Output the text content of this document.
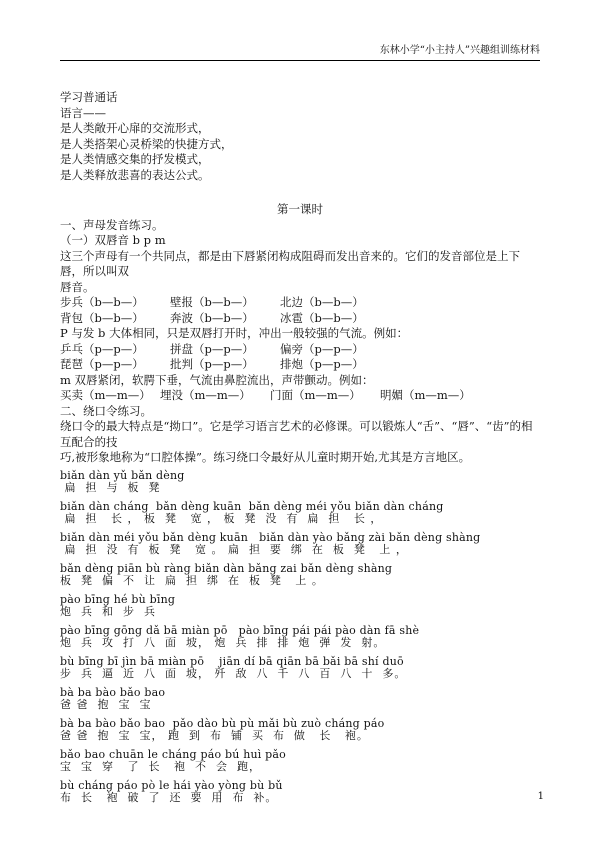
东林小学“小主持人”兴趣组训练材料
学习普通话
语言——
是人类敞开心扉的交流形式，
是人类搭架心灵桥梁的快捷方式，
是人类情感交集的抒发模式，
是人类释放悲喜的表达公式。
第一课时
一、声母发音练习。
（一）双唇音 b p m
这三个声母有一个共同点，都是由下唇紧闭构成阻碍而发出音来的。它们的发音部位是上下唇，所以叫双
唇音。
步兵（b—b—）	壁报（b—b—）	北边（b—b—）
背包（b—b—）	奔波（b—b—）	冰雹（b—b—）
P 与发 b 大体相同，只是双唇打开时，冲出一般较强的气流。例如：
乒乓（p—p—）	拼盘（p—p—）	偏旁（p—p—）
琵琶（p—p—）	批判（p—p—）	排炮（p—p—）
m 双唇紧闭，软腭下垂，气流由鼻腔流出，声带颤动。例如：
买卖（m—m—） 埋没（m—m—）	门面（m—m—）	明媚（m—m—）
二、绕口令练习。
绕口令的最大特点是“拗口”。它是学习语言艺术的必修课。可以锻炼人“舌”、“唇”、“齿”的相互配合的技
巧,被形象地称为“口腔体操”。练习绕口令最好从儿童时期开始,尤其是方言地区。
biǎn dàn yǔ bǎn dèng
扁  担  与  板  凳
biǎn dàn cháng  bǎn dèng kuān  bǎn dèng méi yǒu biǎn dàn cháng
扁  担   长 ， 板  凳   宽 ， 板  凳  没  有  扁  担   长 ，
biǎn dàn méi yǒu bǎn dèng kuān   biǎn dàn yào bǎng zài bǎn dèng shàng
扁  担  没  有  板  凳   宽 。 扁  担  要  绑  在  板  凳   上 ，
bǎn dèng piān bù ràng biǎn dàn bǎng zai bǎn dèng shàng
板  凳  偏  不  让  扁  担  绑  在  板  凳   上 。
pào bīng hé bù bīng
炮  兵  和  步  兵
pào bīng gōng dǎ bā miàn pō   pào bīng pái pái pào dàn fā shè
炮  兵  攻  打  八  面  坡， 炮  兵  排  排  炮  弹  发  射。
bù bīng bī jìn bā miàn pō    jiān dí bā qiān bā bǎi bā shí duō
步  兵  逼  近  八  面  坡， 歼  敌  八  千  八  百  八  十  多。
bà ba bào bǎo bao
爸 爸  抱  宝  宝
bà ba bào bǎo bao  pǎo dào bù pù mǎi bù zuò cháng páo
爸 爸  抱  宝  宝， 跑  到  布  铺  买  布  做   长   袍。
bǎo bao chuān le cháng páo bú huì pǎo
宝  宝  穿   了  长   袍  不  会  跑，
bù cháng páo pò le hái yào yòng bù bǔ
布  长   袍  破  了  还  要  用  布  补。	1
